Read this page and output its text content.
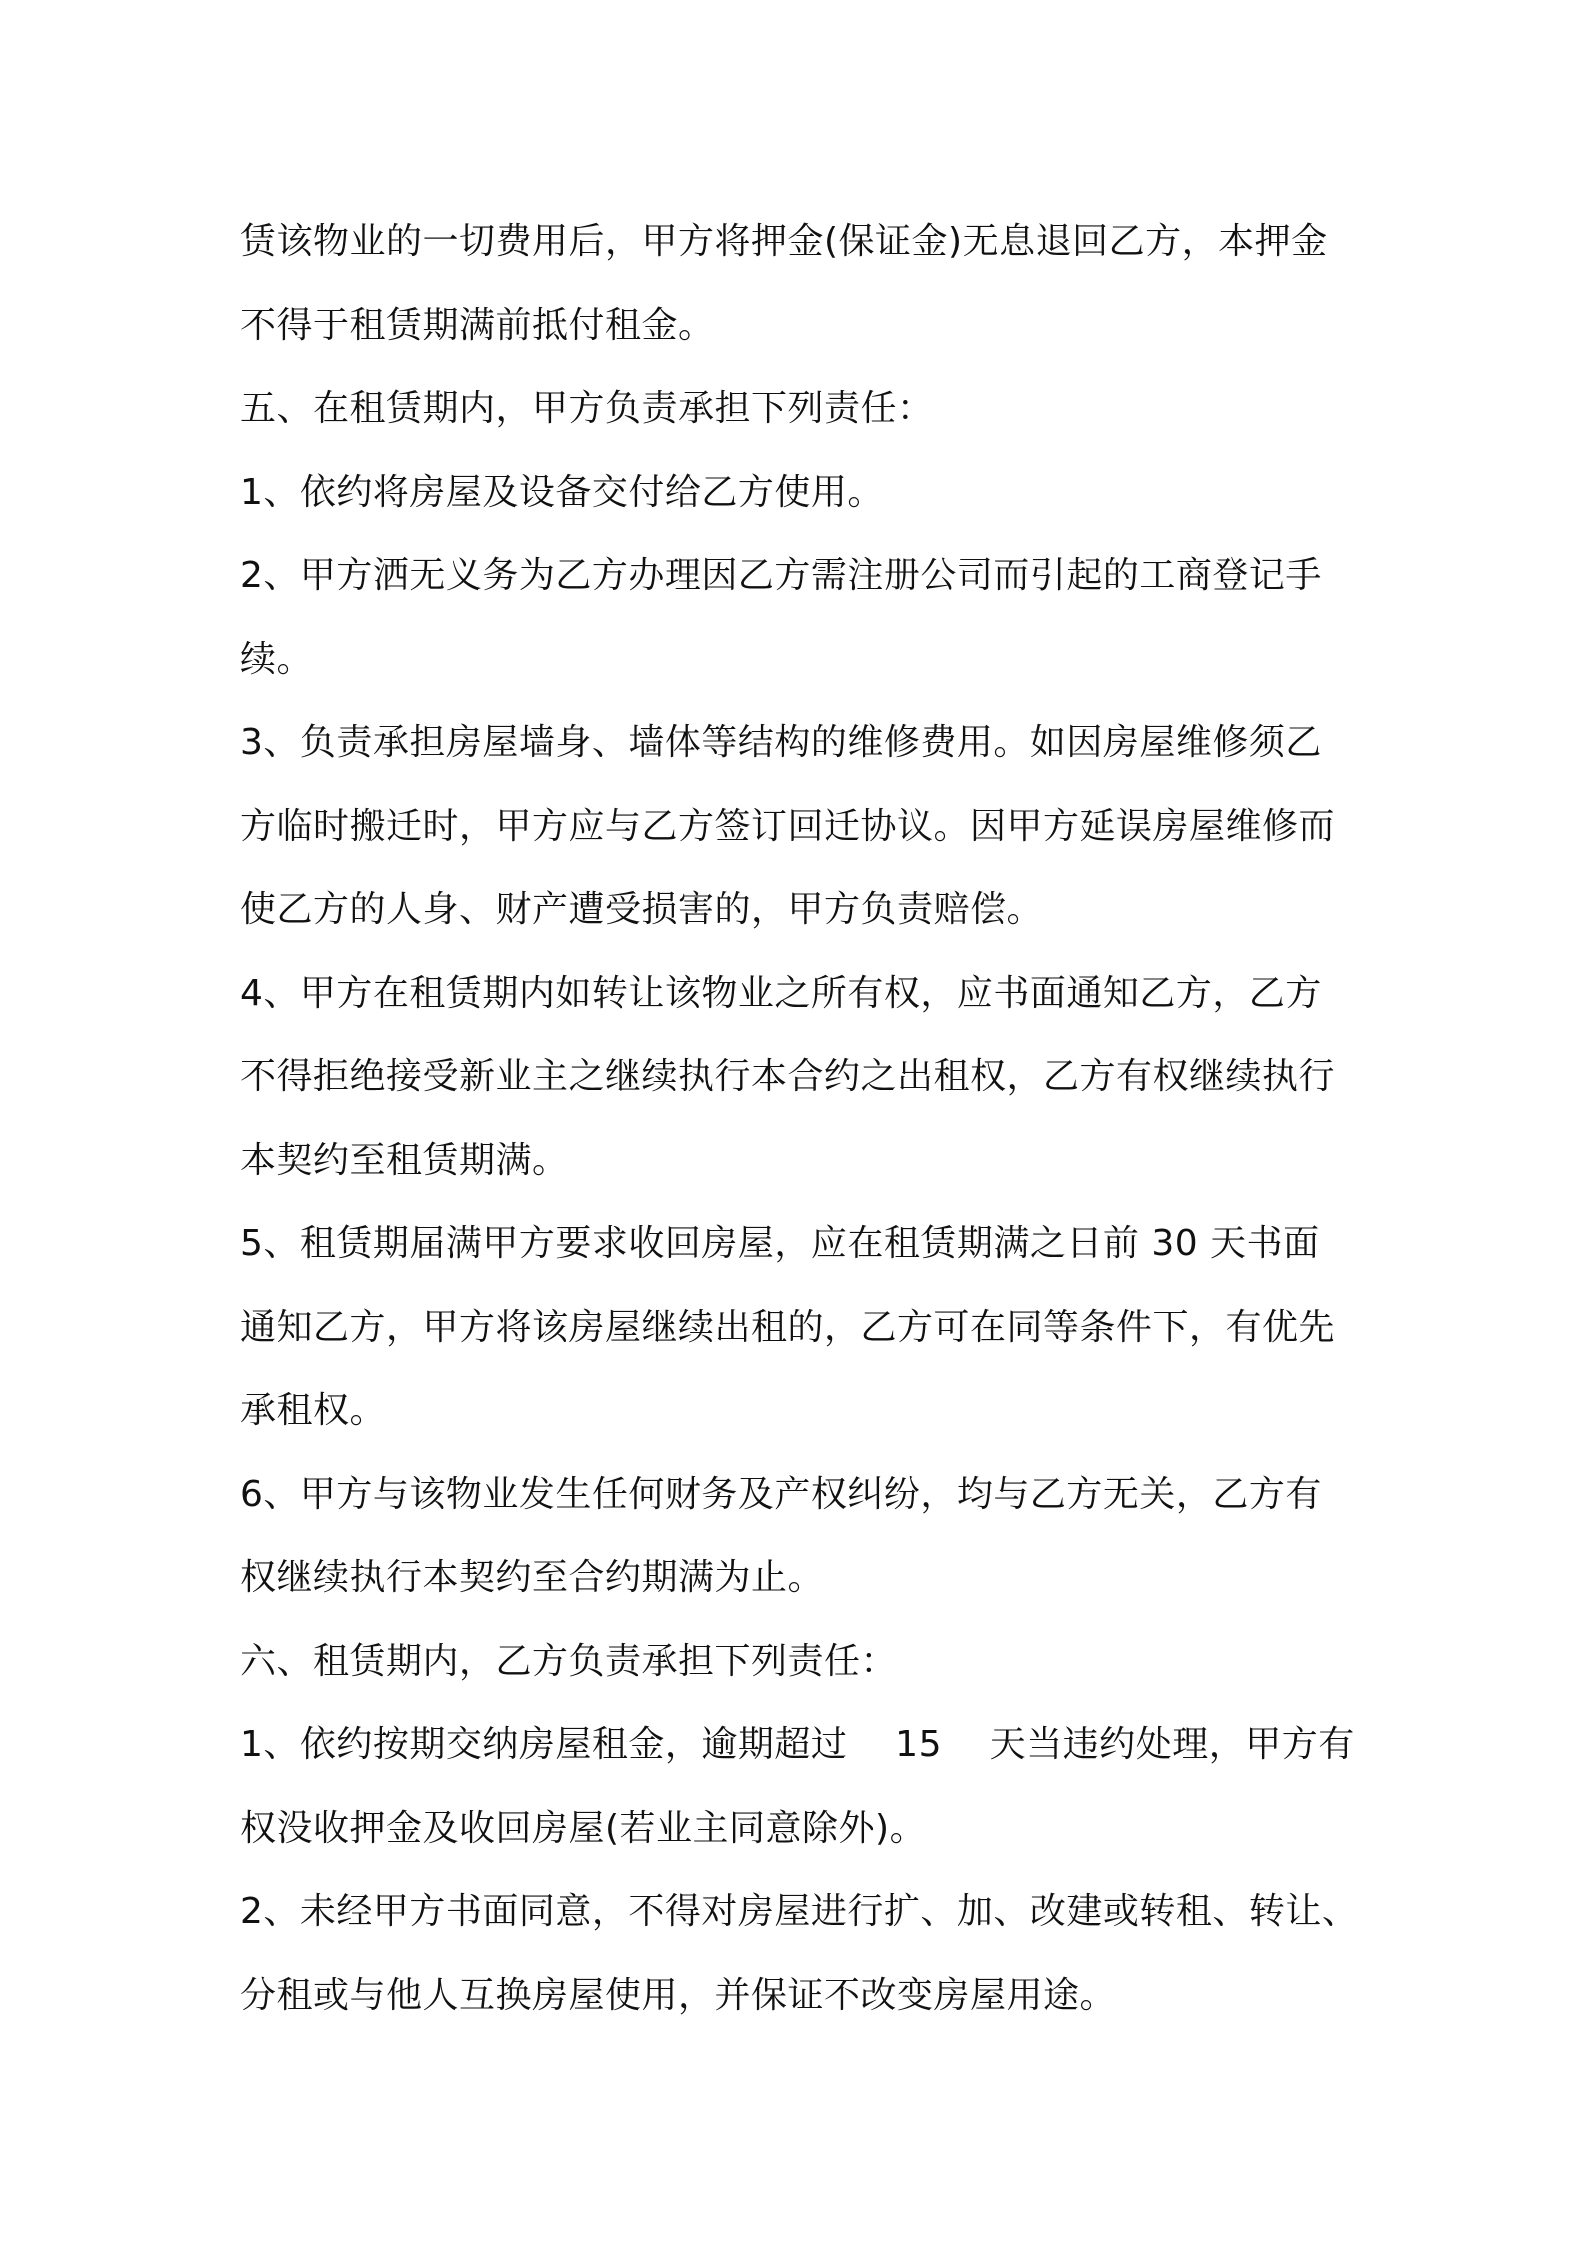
赁该物业的一切费用后，甲方将押金(保证金)无息退回乙方，本押金
不得于租赁期满前抵付租金。
五、在租赁期内，甲方负责承担下列责任：
1、依约将房屋及设备交付给乙方使用。
2、甲方洒无义务为乙方办理因乙方需注册公司而引起的工商登记手
续。
3、负责承担房屋墙身、墙体等结构的维修费用。如因房屋维修须乙
方临时搬迁时，甲方应与乙方签订回迁协议。因甲方延误房屋维修而
使乙方的人身、财产遭受损害的，甲方负责赔偿。
4、甲方在租赁期内如转让该物业之所有权，应书面通知乙方，乙方
不得拒绝接受新业主之继续执行本合约之出租权，乙方有权继续执行
本契约至租赁期满。
5、租赁期届满甲方要求收回房屋，应在租赁期满之日前 30 天书面
通知乙方，甲方将该房屋继续出租的，乙方可在同等条件下，有优先
承租权。
6、甲方与该物业发生任何财务及产权纠纷，均与乙方无关，乙方有
权继续执行本契约至合约期满为止。
六、租赁期内，乙方负责承担下列责任：
1、依约按期交纳房屋租金，逾期超过    15    天当违约处理，甲方有
权没收押金及收回房屋(若业主同意除外)。
2、未经甲方书面同意，不得对房屋进行扩、加、改建或转租、转让、
分租或与他人互换房屋使用，并保证不改变房屋用途。
